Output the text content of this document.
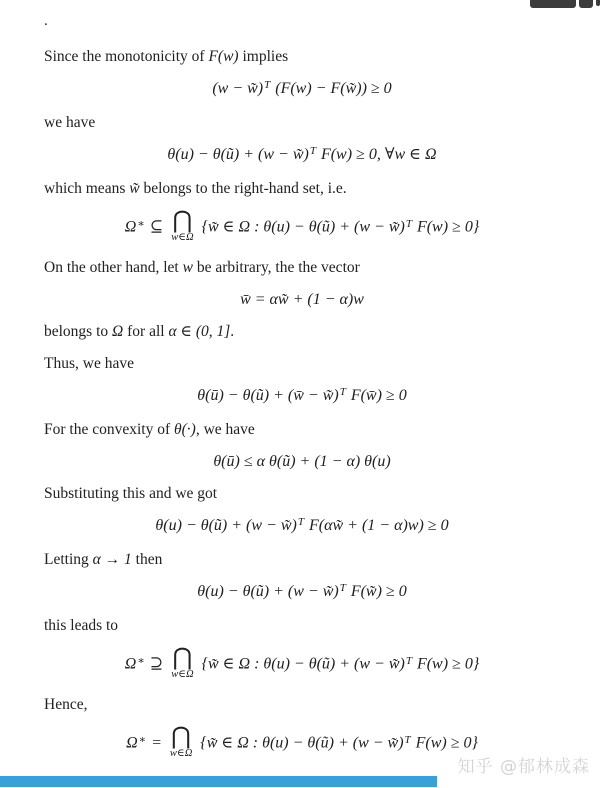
.
Since the monotonicity of F(w) implies
(w − w̃)$^T$ (F(w) − F(w̃)) ≥ 0
we have
θ(u) − θ(ũ) + (w − w̃)$^T$ F(w) ≥ 0, ∀w ∈ Ω
which means w̃ belongs to the right-hand set, i.e.
Ω∗ ⊆ ⋂
w∈Ω
{w̃ ∈ Ω : θ(u) − θ(ũ) + (w − w̃)$^T$ F(w) ≥ 0}
On the other hand, let w be arbitrary, the the vector
w̄ = αw̃ + (1 − α)w
belongs to Ω for all α ∈ (0, 1].
Thus, we have
θ(ū) − θ(ũ) + (w̄ − w̃)$^T$ F(w̄) ≥ 0
For the convexity of θ(·), we have
θ(ū) ≤ α θ(ũ) + (1 − α) θ(u)
Substituting this and we got
θ(u) − θ(ũ) + (w − w̃)$^T$ F(αw̃ + (1 − α)w) ≥ 0
Letting α → 1 then
θ(u) − θ(ũ) + (w − w̃)$^T$ F(w̃) ≥ 0
this leads to
Ω∗ ⊇ ⋂
w∈Ω
{w̃ ∈ Ω : θ(u) − θ(ũ) + (w − w̃)$^T$ F(w) ≥ 0}
Hence,
Ω∗ = ⋂
w∈Ω
{w̃ ∈ Ω : θ(u) − θ(ũ) + (w − w̃)$^T$ F(w) ≥ 0}
知乎 @郁林成森
